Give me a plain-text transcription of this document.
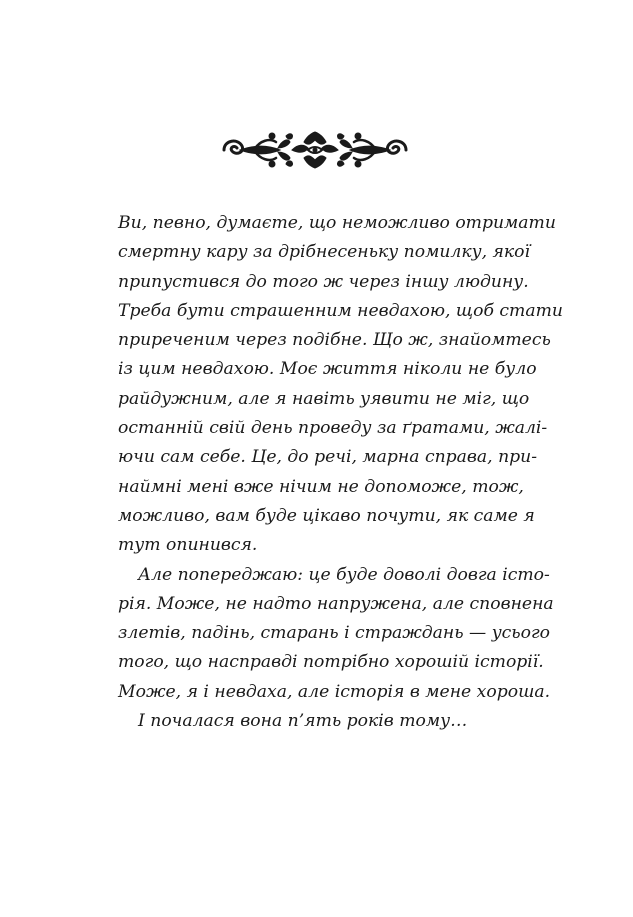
Ви, певно, думаєте, що неможливо отримати
смертну кару за дрібнесеньку помилку, якої
припустився до того ж через іншу людину.
Треба бути страшенним невдахою, щоб стати
приреченим через подібне. Що ж, знайомтесь
із цим невдахою. Моє життя ніколи не було
райдужним, але я навіть уявити не міг, що
останній свій день проведу за ґратами, жалі-
ючи сам себе. Це, до речі, марна справа, при-
наймні мені вже нічим не допоможе, тож,
можливо, вам буде цікаво почути, як саме я
тут опинився.
Але попереджаю: це буде доволі довга істо-
рія. Може, не надто напружена, але сповнена
злетів, падінь, старань і страждань — усього
того, що насправді потрібно хорошій історії.
Може, я і невдаха, але історія в мене хороша.
І почалася вона п’ять років тому…
